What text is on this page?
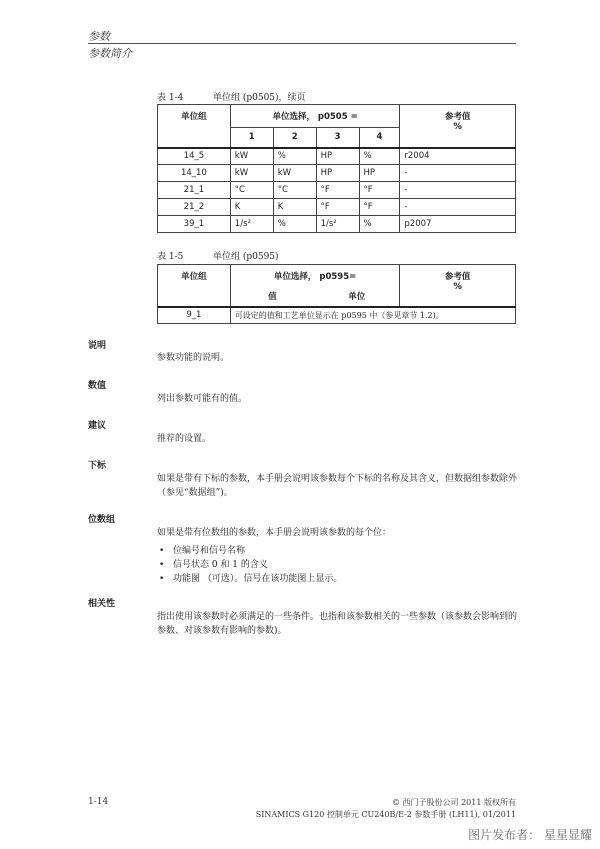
参数
参数简介
表 1-4	单位组 (p0505)，续页
单位组	单位选择， p0505 =				参考值
%

	1	2	3	4	
14_5	kW	%	HP	%	r2004
14_10	kW	kW	HP	HP	-
21_1	°C	°C	°F	°F	-
21_2	K	K	°F	°F	-
39_1	1/s²	%	1/s²	%	p2007
表 1-5	单位组 (p0595)
单位组	单位选择， p0595=		参考值
%

	值	单位	
9_1	可设定的值和工艺单位显示在 p0595 中（参见章节 1.2)。		
说明
参数功能的说明。
数值
列出参数可能有的值。
建议
推荐的设置。
下标
如果是带有下标的参数，本手册会说明该参数每个下标的名称及其含义，但数据组参数除外（参见“数据组”)。
位数组
如果是带有位数组的参数，本手册会说明该参数的每个位：
• 位编号和信号名称
• 信号状态 0 和 1 的含义
• 功能图 （可选）。信号在该功能图上显示。
相关性
指出使用该参数时必须满足的一些条件。也指和该参数相关的一些参数（该参数会影响到的参数、对该参数有影响的参数)。
1-14	© 西门子股份公司 2011 版权所有
SINAMICS G120 控制单元 CU240B/E-2 参数手册 (LH11), 01/2011
图片发布者： 星星显耀
